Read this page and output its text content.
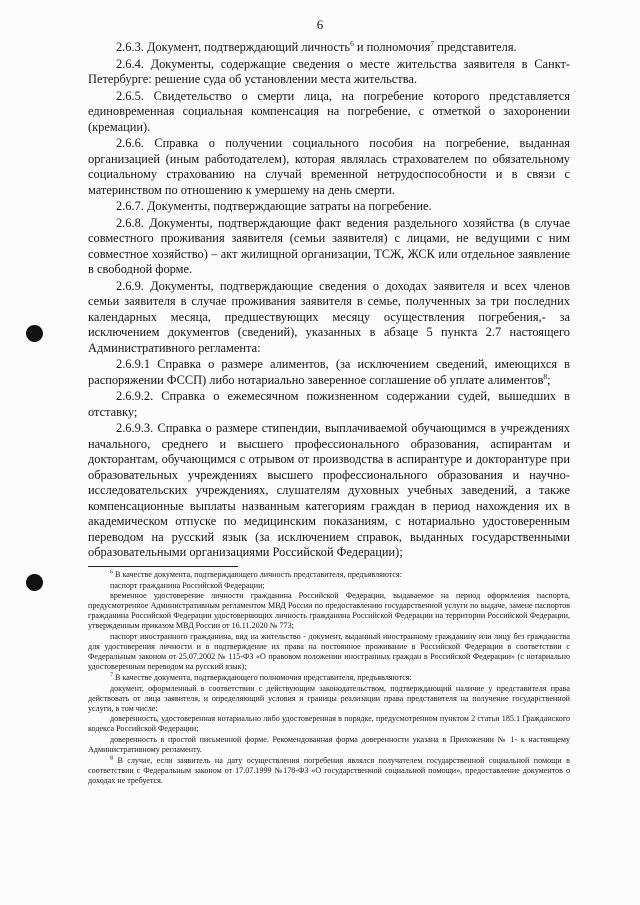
6

2.6.3. Документ, подтверждающий личность$^6$ и полномочия$^7$ представителя.

2.6.4. Документы, содержащие сведения о месте жительства заявителя в Санкт-Петербурге: решение суда об установлении места жительства.

2.6.5. Свидетельство о смерти лица, на погребение которого представляется единовременная социальная компенсация на погребение, с отметкой о захоронении (кремации).

2.6.6. Справка о получении социального пособия на погребение, выданная организацией (иным работодателем), которая являлась страхователем по обязательному социальному страхованию на случай временной нетрудоспособности и в связи с материнством по отношению к умершему на день смерти.

2.6.7. Документы, подтверждающие затраты на погребение.

2.6.8. Документы, подтверждающие факт ведения раздельного хозяйства (в случае совместного проживания заявителя (семьи заявителя) с лицами, не ведущими с ним совместное хозяйство) – акт жилищной организации, ТСЖ, ЖСК или отдельное заявление в свободной форме.

2.6.9. Документы, подтверждающие сведения о доходах заявителя и всех членов семьи заявителя в случае проживания заявителя в семье, полученных за три последних календарных месяца, предшествующих месяцу осуществления погребения,- за исключением документов (сведений), указанных в абзаце 5 пункта 2.7 настоящего Административного регламента:

2.6.9.1 Справка о размере алиментов, (за исключением сведений, имеющихся в распоряжении ФССП) либо нотариально заверенное соглашение об уплате алиментов$^8$;

2.6.9.2. Справка о ежемесячном пожизненном содержании судей, вышедших в отставку;

2.6.9.3. Справка о размере стипендии, выплачиваемой обучающимся в учреждениях начального, среднего и высшего профессионального образования, аспирантам и докторантам, обучающимся с отрывом от производства в аспирантуре и докторантуре при образовательных учреждениях высшего профессионального образования и научно-исследовательских учреждениях, слушателям духовных учебных заведений, а также компенсационные выплаты названным категориям граждан в период нахождения их в академическом отпуске по медицинским показаниям, с нотариально удостоверенным переводом на русский язык (за исключением справок, выданных государственными образовательными организациями Российской Федерации);

$^6$ В качестве документа, подтверждающего личность представителя, предъявляются:

паспорт гражданина Российской Федерации;

временное удостоверение личности гражданина Российской Федерации, выдаваемое на период оформления паспорта, предусмотренное Административным регламентом МВД России по предоставлению государственной услуги по выдаче, замене паспортов гражданина Российской Федерации удостоверяющих личность гражданина Российской Федерации на территории Российской Федерации, утвержденным приказом МВД России от 16.11.2020 № 773;

паспорт иностранного гражданина, вид на жительство - документ, выданный иностранному гражданину или лицу без гражданства для удостоверения личности и в подтверждение их права на постоянное проживание в Российской Федерации в соответствии с Федеральным законом от 25.07.2002 № 115-ФЗ «О правовом положении иностранных граждан в Российской Федерации» (с нотариально удостоверенным переводом на русский язык);

$^7$ В качестве документа, подтверждающего полномочия представителя, предъявляются:

документ, оформленный в соответствии с действующим законодательством, подтверждающий наличие у представителя права действовать от лица заявителя, и определяющий условия и границы реализации права представителя на получение государственной услуги, в том числе:

доверенность, удостоверенная нотариально либо удостоверенная в порядке, предусмотренном пунктом 2 статьи 185.1 Гражданского кодекса Российской Федерации;

доверенность в простой письменной форме. Рекомендованная форма доверенности указана в Приложении № 1- к настоящему Административному регламенту.

$^8$ В случае, если заявитель на дату осуществления погребения являлся получателем государственной социальной помощи в соответствии с Федеральным законом от 17.07.1999 №178-ФЗ «О государственной социальной помощи», предоставление документов о доходах не требуется.
